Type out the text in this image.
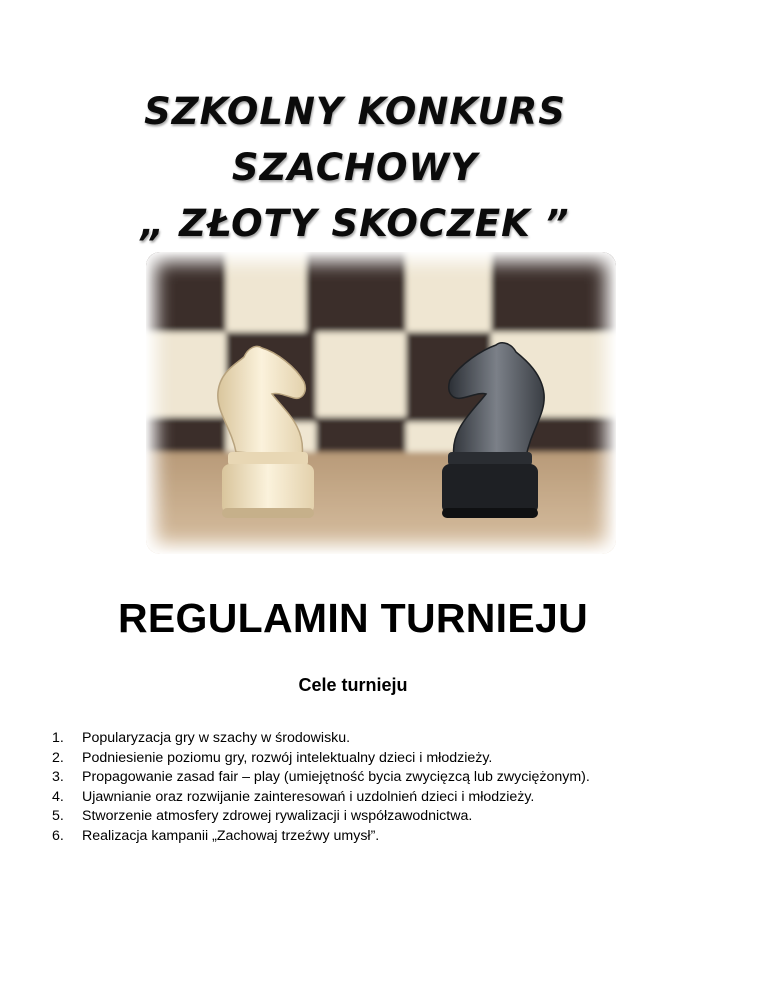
SZKOLNY KONKURS
SZACHOWY
„ ZŁOTY SKOCZEK ”
REGULAMIN TURNIEJU
Cele turnieju
1.	Popularyzacja gry w szachy w środowisku.
2.	Podniesienie poziomu gry, rozwój intelektualny dzieci i młodzieży.
3.	Propagowanie zasad fair – play (umiejętność bycia zwycięzcą lub zwyciężonym).
4.	Ujawnianie oraz rozwijanie zainteresowań i uzdolnień dzieci i młodzieży.
5.	Stworzenie atmosfery zdrowej rywalizacji i współzawodnictwa.
6.	Realizacja kampanii „Zachowaj trzeźwy umysł”.
